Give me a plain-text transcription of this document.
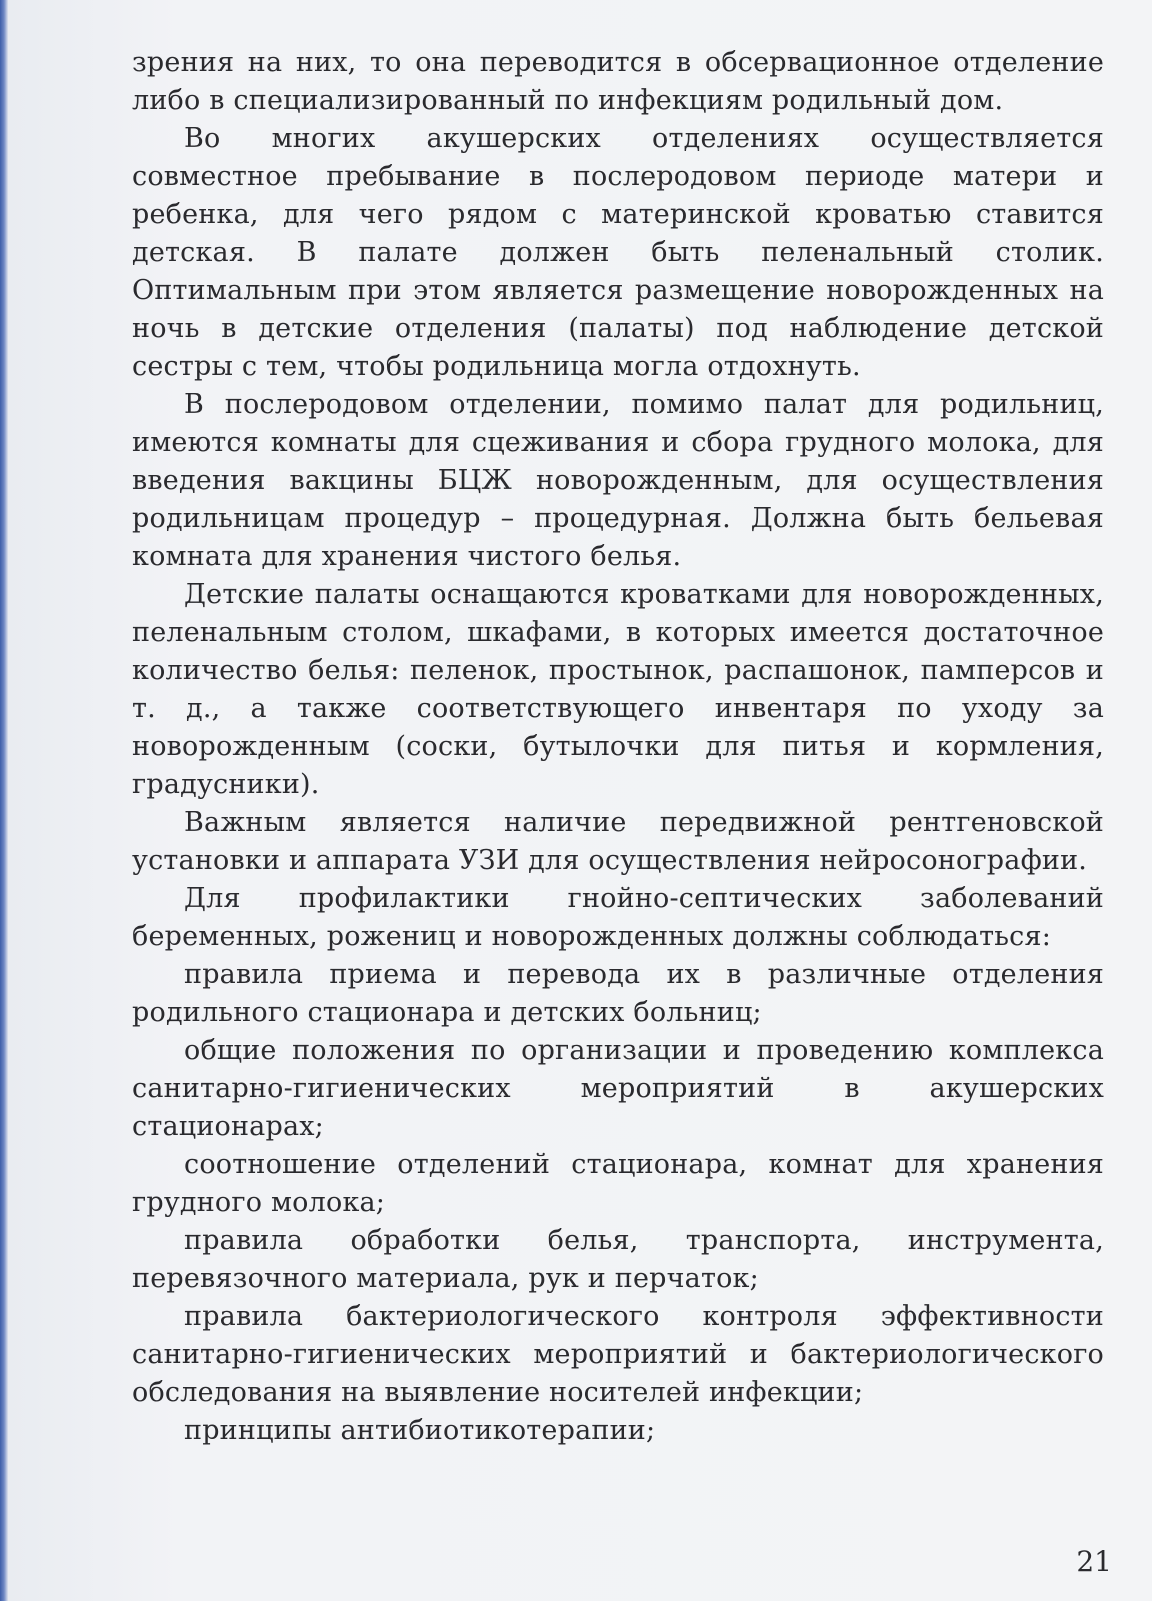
зрения на них, то она переводится в обсервационное отделение либо в специализированный по инфекциям родильный дом.

Во многих акушерских отделениях осуществляется совместное пребывание в послеродовом периоде матери и ребенка, для чего рядом с материнской кроватью ставится детская. В палате должен быть пеленальный столик. Оптимальным при этом является размещение новорожденных на ночь в детские отделения (палаты) под наблюдение детской сестры с тем, чтобы родильница могла отдохнуть.

В послеродовом отделении, помимо палат для родильниц, имеются комнаты для сцеживания и сбора грудного молока, для введения вакцины БЦЖ новорожденным, для осуществления родильницам процедур – процедурная. Должна быть бельевая комната для хранения чистого белья.

Детские палаты оснащаются кроватками для новорожденных, пеленальным столом, шкафами, в которых имеется достаточное количество белья: пеленок, простынок, распашонок, памперсов и т. д., а также соответствующего инвентаря по уходу за новорожденным (соски, бутылочки для питья и кормления, градусники).

Важным является наличие передвижной рентгеновской установки и аппарата УЗИ для осуществления нейросонографии.

Для профилактики гнойно-септических заболеваний беременных, рожениц и новорожденных должны соблюдаться:

правила приема и перевода их в различные отделения родильного стационара и детских больниц;

общие положения по организации и проведению комплекса санитарно-гигиенических мероприятий в акушерских стационарах;

соотношение отделений стационара, комнат для хранения грудного молока;

правила обработки белья, транспорта, инструмента, перевязочного материала, рук и перчаток;

правила бактериологического контроля эффективности санитарно-гигиенических мероприятий и бактериологического обследования на выявление носителей инфекции;

принципы антибиотикотерапии;

21
